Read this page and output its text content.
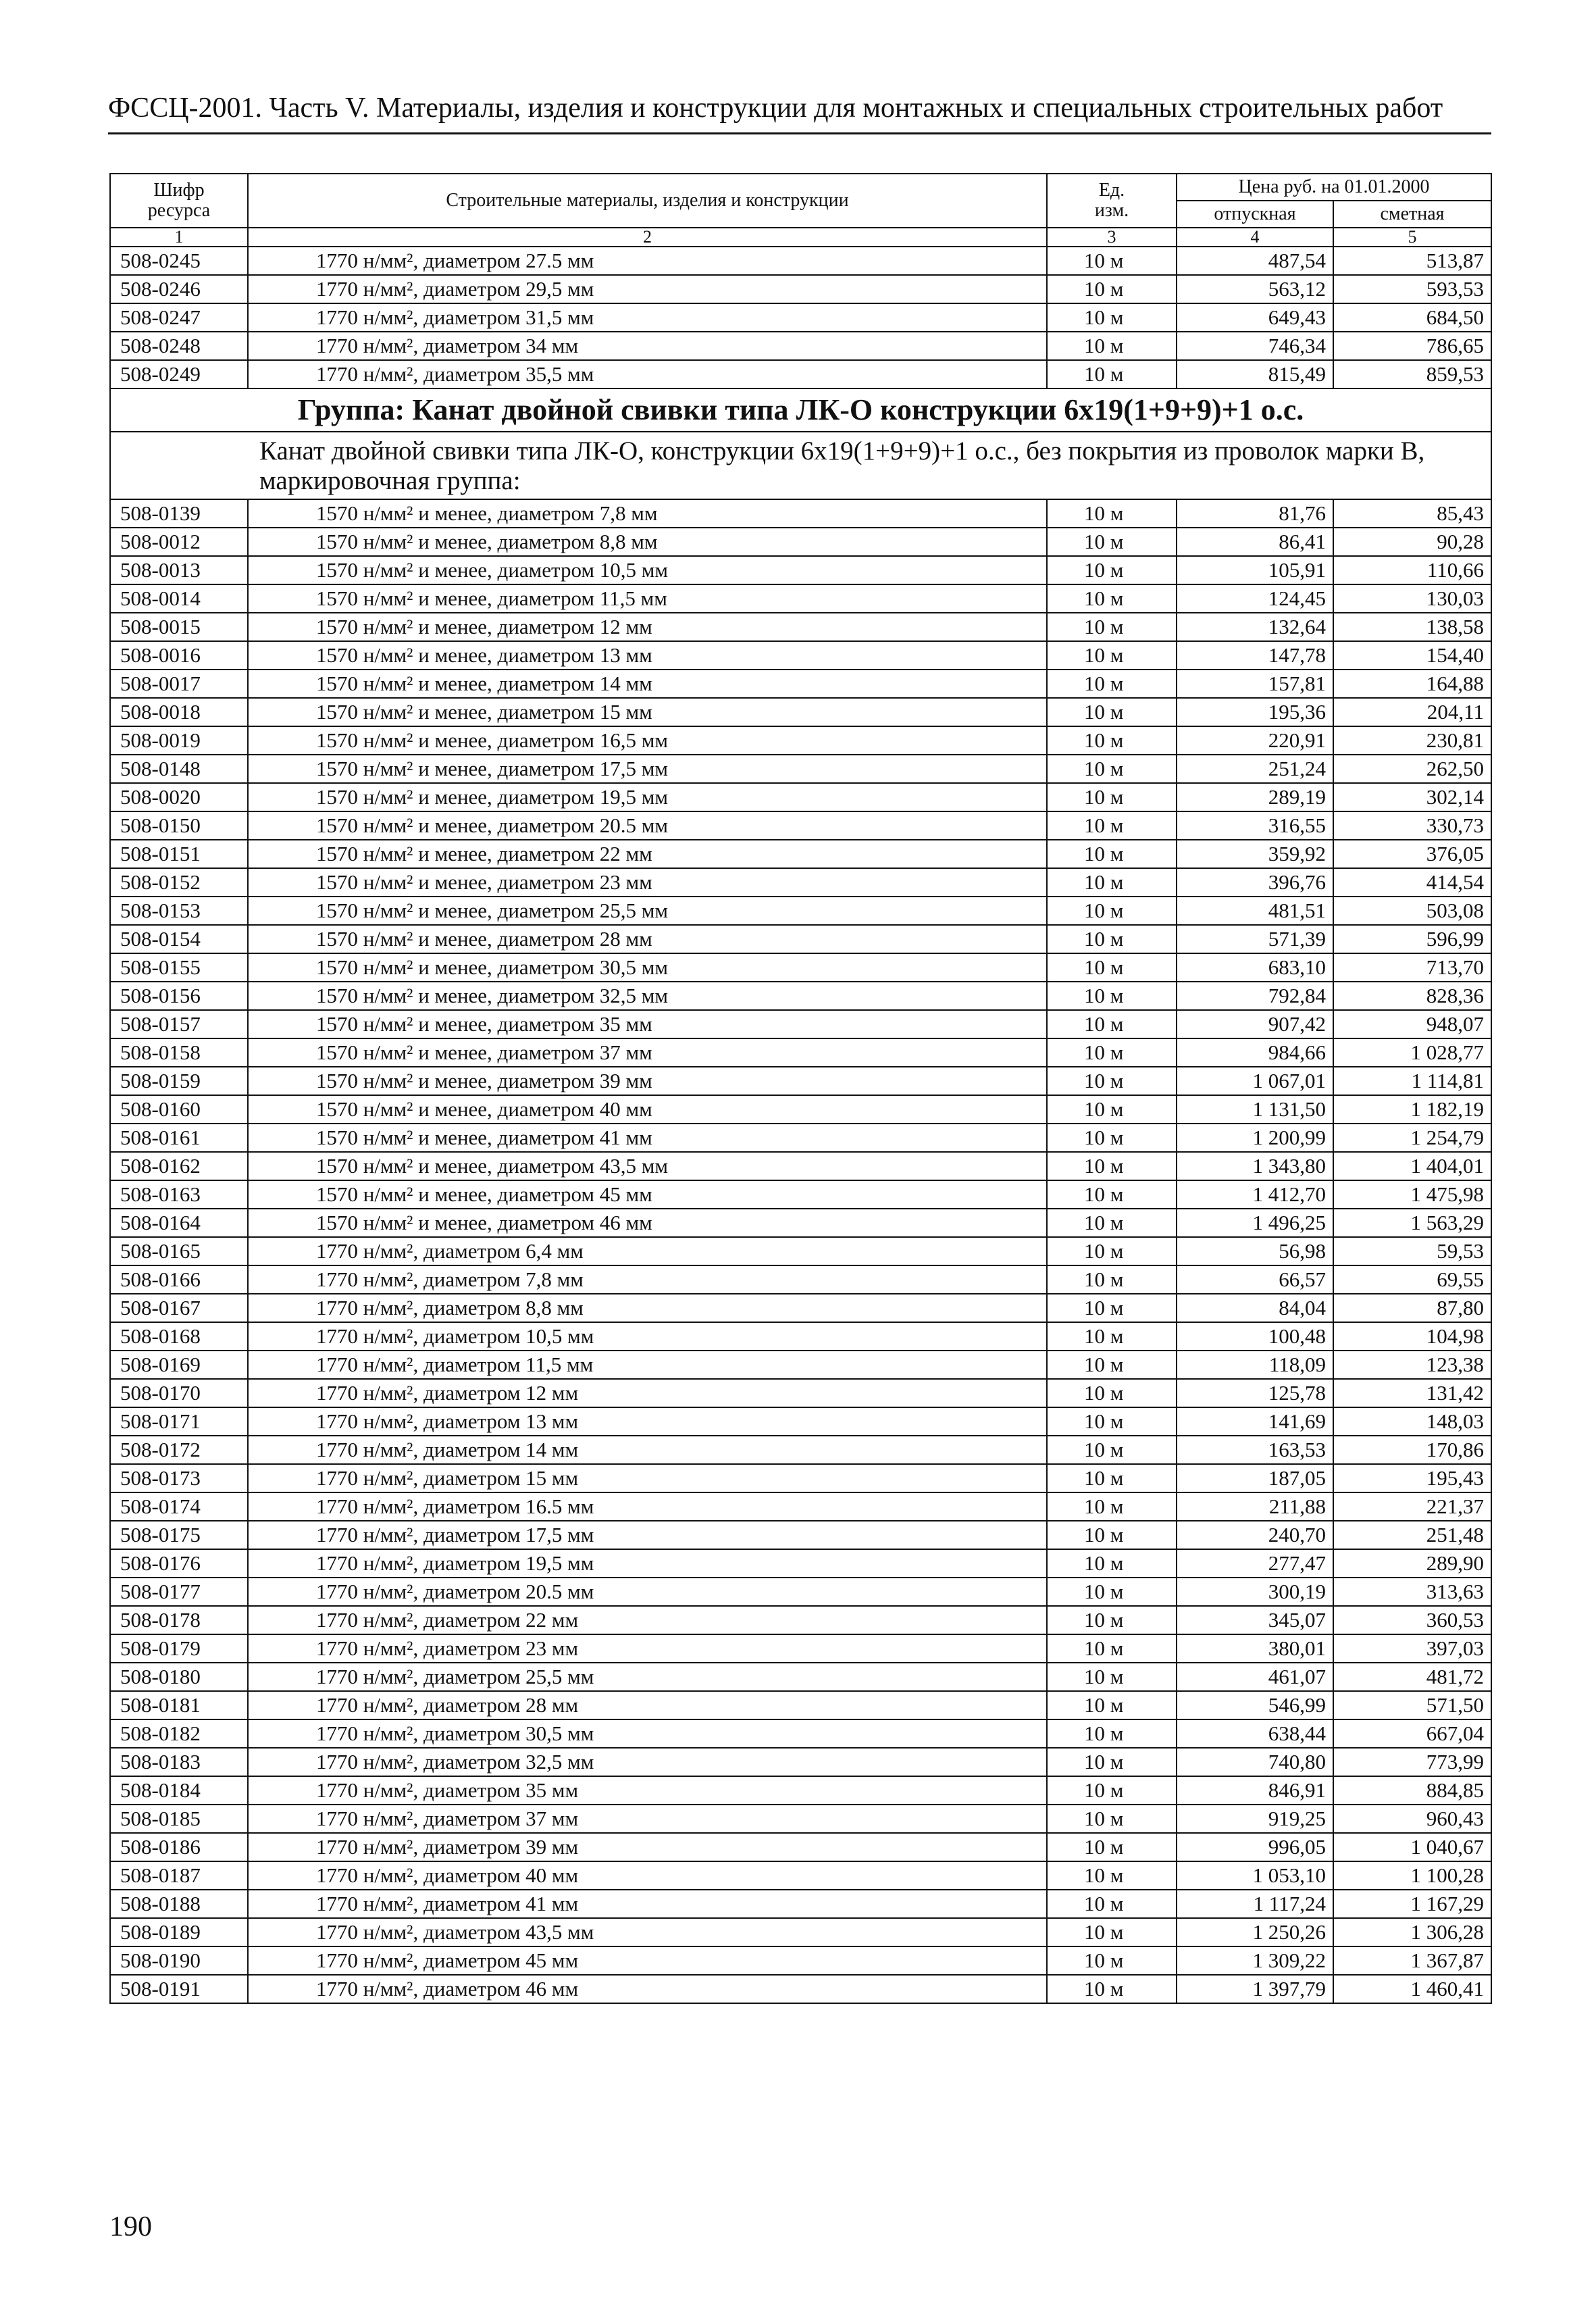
ФССЦ-2001. Часть V. Материалы, изделия и конструкции для монтажных и специальных строительных работ
Шифр ресурса	Строительные материалы, изделия и конструкции	Ед. изм.	Цена руб. на 01.01.2000	
			отпускная	сметная
1	2	3	4	5
508-0245	1770 н/мм², диаметром 27.5 мм	10 м	487,54	513,87
508-0246	1770 н/мм², диаметром 29,5 мм	10 м	563,12	593,53
508-0247	1770 н/мм², диаметром 31,5 мм	10 м	649,43	684,50
508-0248	1770 н/мм², диаметром 34 мм	10 м	746,34	786,65
508-0249	1770 н/мм², диаметром 35,5 мм	10 м	815,49	859,53
Группа: Канат двойной свивки типа ЛК-О конструкции 6х19(1+9+9)+1 о.с.				
Канат двойной свивки типа ЛК-О, конструкции 6х19(1+9+9)+1 о.с., без покрытия из проволок марки В, маркировочная группа:				
508-0139	1570 н/мм² и менее, диаметром 7,8 мм	10 м	81,76	85,43
508-0012	1570 н/мм² и менее, диаметром 8,8 мм	10 м	86,41	90,28
508-0013	1570 н/мм² и менее, диаметром 10,5 мм	10 м	105,91	110,66
508-0014	1570 н/мм² и менее, диаметром 11,5 мм	10 м	124,45	130,03
508-0015	1570 н/мм² и менее, диаметром 12 мм	10 м	132,64	138,58
508-0016	1570 н/мм² и менее, диаметром 13 мм	10 м	147,78	154,40
508-0017	1570 н/мм² и менее, диаметром 14 мм	10 м	157,81	164,88
508-0018	1570 н/мм² и менее, диаметром 15 мм	10 м	195,36	204,11
508-0019	1570 н/мм² и менее, диаметром 16,5 мм	10 м	220,91	230,81
508-0148	1570 н/мм² и менее, диаметром 17,5 мм	10 м	251,24	262,50
508-0020	1570 н/мм² и менее, диаметром 19,5 мм	10 м	289,19	302,14
508-0150	1570 н/мм² и менее, диаметром 20.5 мм	10 м	316,55	330,73
508-0151	1570 н/мм² и менее, диаметром 22 мм	10 м	359,92	376,05
508-0152	1570 н/мм² и менее, диаметром 23 мм	10 м	396,76	414,54
508-0153	1570 н/мм² и менее, диаметром 25,5 мм	10 м	481,51	503,08
508-0154	1570 н/мм² и менее, диаметром 28 мм	10 м	571,39	596,99
508-0155	1570 н/мм² и менее, диаметром 30,5 мм	10 м	683,10	713,70
508-0156	1570 н/мм² и менее, диаметром 32,5 мм	10 м	792,84	828,36
508-0157	1570 н/мм² и менее, диаметром 35 мм	10 м	907,42	948,07
508-0158	1570 н/мм² и менее, диаметром 37 мм	10 м	984,66	1 028,77
508-0159	1570 н/мм² и менее, диаметром 39 мм	10 м	1 067,01	1 114,81
508-0160	1570 н/мм² и менее, диаметром 40 мм	10 м	1 131,50	1 182,19
508-0161	1570 н/мм² и менее, диаметром 41 мм	10 м	1 200,99	1 254,79
508-0162	1570 н/мм² и менее, диаметром 43,5 мм	10 м	1 343,80	1 404,01
508-0163	1570 н/мм² и менее, диаметром 45 мм	10 м	1 412,70	1 475,98
508-0164	1570 н/мм² и менее, диаметром 46 мм	10 м	1 496,25	1 563,29
508-0165	1770 н/мм², диаметром 6,4 мм	10 м	56,98	59,53
508-0166	1770 н/мм², диаметром 7,8 мм	10 м	66,57	69,55
508-0167	1770 н/мм², диаметром 8,8 мм	10 м	84,04	87,80
508-0168	1770 н/мм², диаметром 10,5 мм	10 м	100,48	104,98
508-0169	1770 н/мм², диаметром 11,5 мм	10 м	118,09	123,38
508-0170	1770 н/мм², диаметром 12 мм	10 м	125,78	131,42
508-0171	1770 н/мм², диаметром 13 мм	10 м	141,69	148,03
508-0172	1770 н/мм², диаметром 14 мм	10 м	163,53	170,86
508-0173	1770 н/мм², диаметром 15 мм	10 м	187,05	195,43
508-0174	1770 н/мм², диаметром 16.5 мм	10 м	211,88	221,37
508-0175	1770 н/мм², диаметром 17,5 мм	10 м	240,70	251,48
508-0176	1770 н/мм², диаметром 19,5 мм	10 м	277,47	289,90
508-0177	1770 н/мм², диаметром 20.5 мм	10 м	300,19	313,63
508-0178	1770 н/мм², диаметром 22 мм	10 м	345,07	360,53
508-0179	1770 н/мм², диаметром 23 мм	10 м	380,01	397,03
508-0180	1770 н/мм², диаметром 25,5 мм	10 м	461,07	481,72
508-0181	1770 н/мм², диаметром 28 мм	10 м	546,99	571,50
508-0182	1770 н/мм², диаметром 30,5 мм	10 м	638,44	667,04
508-0183	1770 н/мм², диаметром 32,5 мм	10 м	740,80	773,99
508-0184	1770 н/мм², диаметром 35 мм	10 м	846,91	884,85
508-0185	1770 н/мм², диаметром 37 мм	10 м	919,25	960,43
508-0186	1770 н/мм², диаметром 39 мм	10 м	996,05	1 040,67
508-0187	1770 н/мм², диаметром 40 мм	10 м	1 053,10	1 100,28
508-0188	1770 н/мм², диаметром 41 мм	10 м	1 117,24	1 167,29
508-0189	1770 н/мм², диаметром 43,5 мм	10 м	1 250,26	1 306,28
508-0190	1770 н/мм², диаметром 45 мм	10 м	1 309,22	1 367,87
508-0191	1770 н/мм², диаметром 46 мм	10 м	1 397,79	1 460,41
190
